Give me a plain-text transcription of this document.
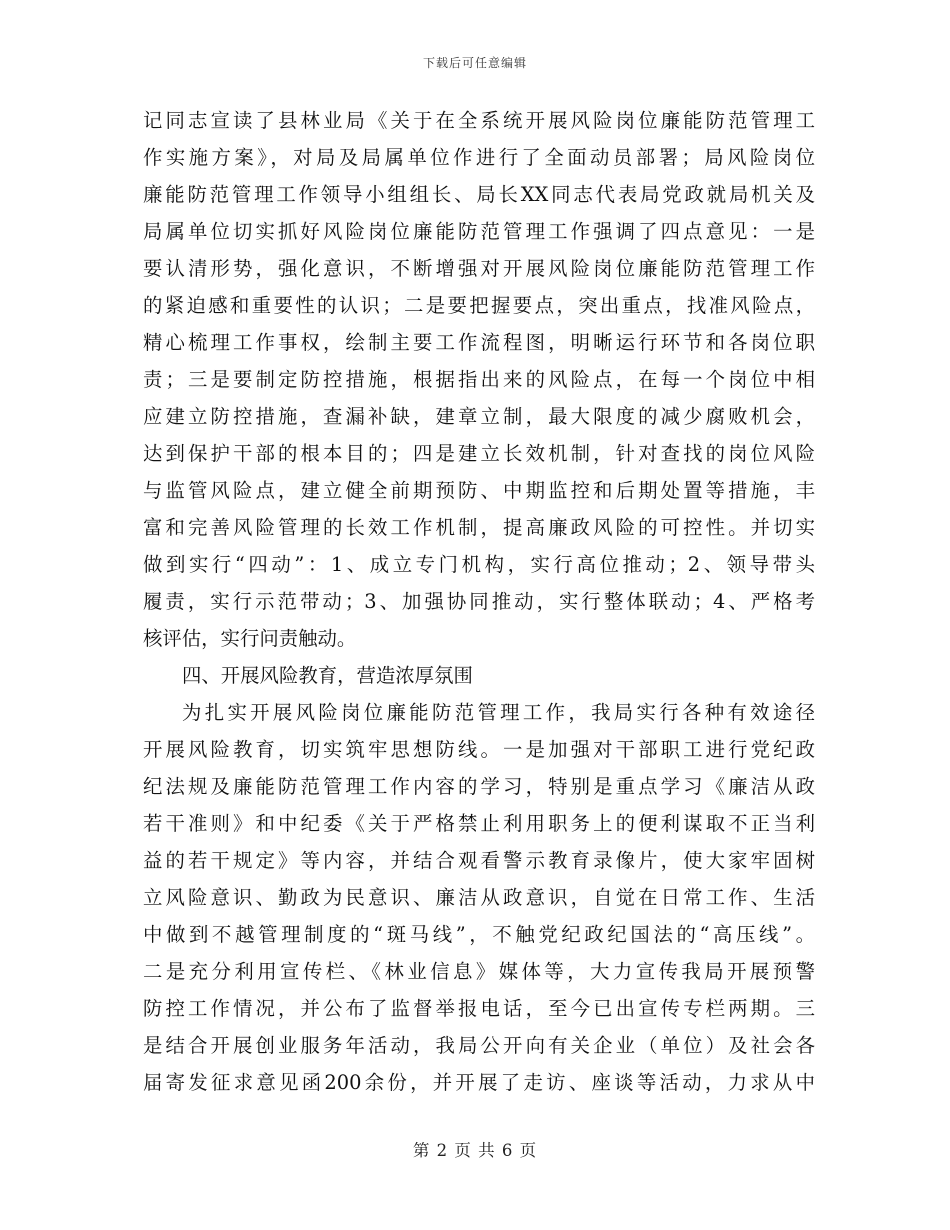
下载后可任意编辑
记同志宣读了县林业局《关于在全系统开展风险岗位廉能防范管理工
作实施方案》，对局及局属单位作进行了全面动员部署；局风险岗位
廉能防范管理工作领导小组组长、局长XX同志代表局党政就局机关及
局属单位切实抓好风险岗位廉能防范管理工作强调了四点意见：一是
要认清形势，强化意识，不断增强对开展风险岗位廉能防范管理工作
的紧迫感和重要性的认识；二是要把握要点，突出重点，找准风险点，
精心梳理工作事权，绘制主要工作流程图，明晰运行环节和各岗位职
责；三是要制定防控措施，根据指出来的风险点，在每一个岗位中相
应建立防控措施，查漏补缺，建章立制，最大限度的减少腐败机会，
达到保护干部的根本目的；四是建立长效机制，针对查找的岗位风险
与监管风险点，建立健全前期预防、中期监控和后期处置等措施，丰
富和完善风险管理的长效工作机制，提高廉政风险的可控性。并切实
做到实行“四动”：1、成立专门机构，实行高位推动；2、领导带头
履责，实行示范带动；3、加强协同推动，实行整体联动；4、严格考
核评估，实行问责触动。
四、开展风险教育，营造浓厚氛围
为扎实开展风险岗位廉能防范管理工作，我局实行各种有效途径
开展风险教育，切实筑牢思想防线。一是加强对干部职工进行党纪政
纪法规及廉能防范管理工作内容的学习，特别是重点学习《廉洁从政
若干准则》和中纪委《关于严格禁止利用职务上的便利谋取不正当利
益的若干规定》等内容，并结合观看警示教育录像片，使大家牢固树
立风险意识、勤政为民意识、廉洁从政意识，自觉在日常工作、生活
中做到不越管理制度的“斑马线”，不触党纪政纪国法的“高压线”。
二是充分利用宣传栏、《林业信息》媒体等，大力宣传我局开展预警
防控工作情况，并公布了监督举报电话，至今已出宣传专栏两期。三
是结合开展创业服务年活动，我局公开向有关企业（单位）及社会各
届寄发征求意见函200余份，并开展了走访、座谈等活动，力求从中
第 2 页 共 6 页
